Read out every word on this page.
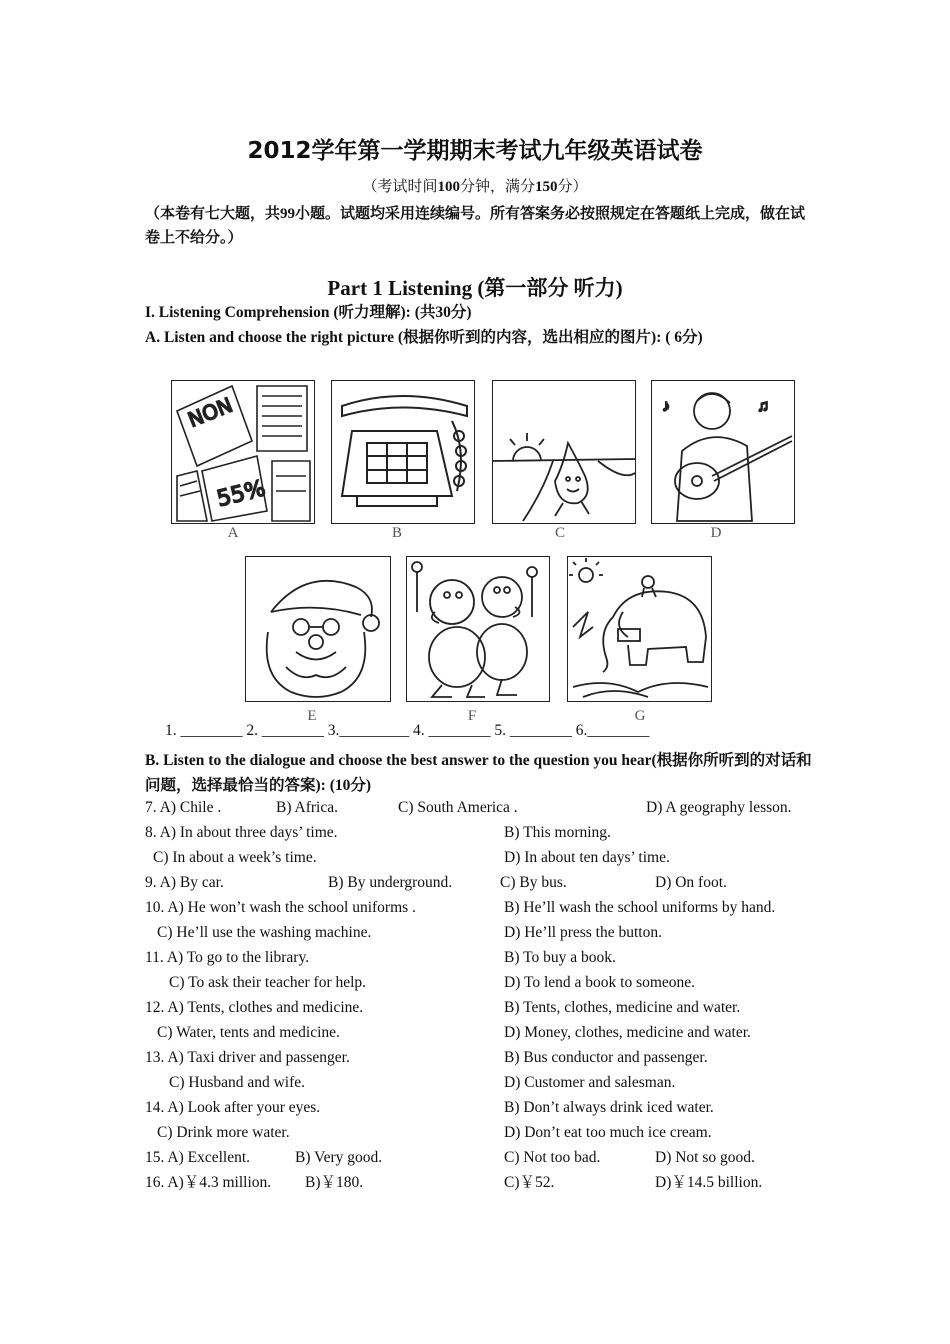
2012学年第一学期期末考试九年级英语试卷
（考试时间100分钟，满分150分）
（本卷有七大题，共99小题。试题均采用连续编号。所有答案务必按照规定在答题纸上完成，做在试卷上不给分。）
Part 1 Listening (第一部分 听力)
I. Listening Comprehension (听力理解): (共30分)
A. Listen and choose the right picture (根据你听到的内容，选出相应的图片): ( 6分)
NON
55%
♪	♫
A	B	C	D
E	F	G
1. ________ 2. ________ 3._________ 4. ________ 5. ________ 6.________
B. Listen to the dialogue and choose the best answer to the question you hear(根据你所听到的对话和问题，选择最恰当的答案): (10分)
7. A) Chile .	B) Africa.	C) South America .	D) A geography lesson.
8. A) In about three days’ time.	B) This morning.
C) In about a week’s time.	D) In about ten days’ time.
9. A) By car.	B) By underground.	C) By bus.	D) On foot.
10. A) He won’t wash the school uniforms .	B) He’ll wash the school uniforms by hand.
C) He’ll use the washing machine.	D) He’ll press the button.
11. A) To go to the library.	B) To buy a book.
C) To ask their teacher for help.	D) To lend a book to someone.
12. A) Tents, clothes and medicine.	B) Tents, clothes, medicine and water.
C) Water, tents and medicine.	D) Money, clothes, medicine and water.
13. A) Taxi driver and passenger.	B) Bus conductor and passenger.
C) Husband and wife.	D) Customer and salesman.
14. A) Look after your eyes.	B) Don’t always drink iced water.
C) Drink more water.	D) Don’t eat too much ice cream.
15. A) Excellent.	B) Very good.	C) Not too bad.	D) Not so good.
16. A)￥4.3 million. B)￥180.	C)￥52.	D)￥14.5 billion.
